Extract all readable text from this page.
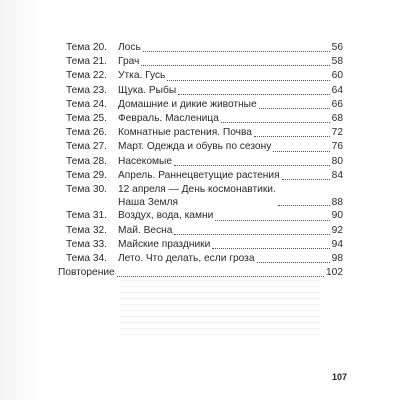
Тема 20.	Лось	56
Тема 21.	Грач	58
Тема 22.	Утка. Гусь	60
Тема 23.	Щука. Рыбы	64
Тема 24.	Домашние и дикие животные	66
Тема 25.	Февраль. Масленица	68
Тема 26.	Комнатные растения. Почва	72
Тема 27.	Март. Одежда и обувь по сезону	76
Тема 28.	Насекомые	80
Тема 29.	Апрель. Раннецветущие растения	84
Тема 30.	12 апреля — День космонавтики.
Наша Земля	88
Тема 31.	Воздух, вода, камни	90
Тема 32.	Май. Весна	92
Тема 33.	Майские праздники	94
Тема 34.	Лето. Что делать, если гроза	98
Повторение	102
107
